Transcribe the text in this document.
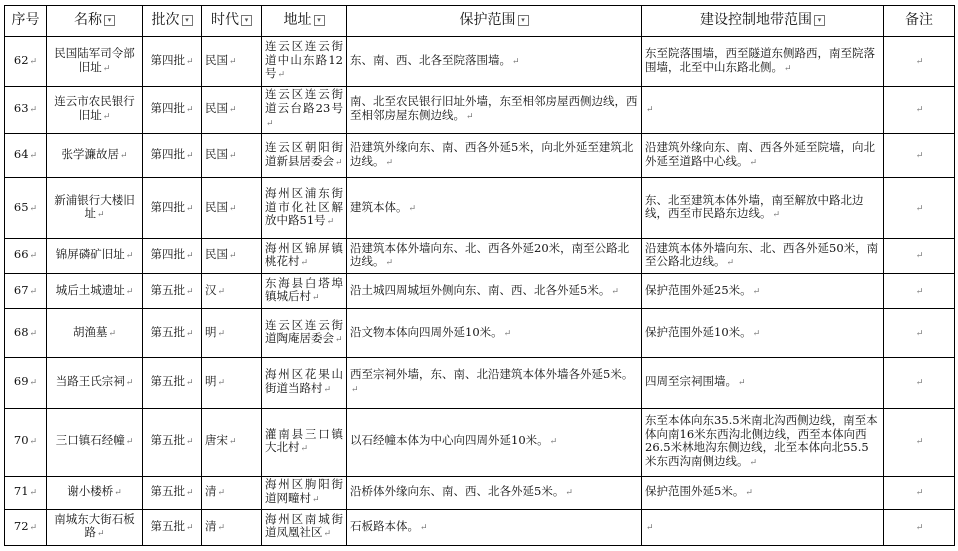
序号	名称 ▾	批次 ▾	时代 ▾	地址 ▾	保护范围 ▾	建设控制地带范围 ▾	备注
62↵	民国陆军司令部旧址↵	第四批↵	民国↵	连云区连云街道中山东路12号↵	东、南、西、北各至院落围墙。↵	东至院落围墙，西至隧道东侧路西，南至院落围墙，北至中山东路北侧。↵	↵
63↵	连云市农民银行旧址↵	第四批↵	民国↵	连云区连云街道云台路23号↵	南、北至农民银行旧址外墙，东至相邻房屋西侧边线，西至相邻房屋东侧边线。↵	↵	↵
64↵	张学濂故居↵	第四批↵	民国↵	连云区朝阳街道新县居委会↵	沿建筑外缘向东、南、西各外延5米，向北外延至建筑北边线。↵	沿建筑外缘向东、南、西各外延至院墙，向北外延至道路中心线。↵	↵
65↵	新浦银行大楼旧址↵	第四批↵	民国↵	海州区浦东街道市化社区解放中路51号↵	建筑本体。↵	东、北至建筑本体外墙，南至解放中路北边线，西至市民路东边线。↵	↵
66↵	锦屏磷矿旧址↵	第四批↵	民国↵	海州区锦屏镇桃花村↵	沿建筑本体外墙向东、北、西各外延20米，南至公路北边线。↵	沿建筑本体外墙向东、北、西各外延50米，南至公路北边线。↵	↵
67↵	城后土城遗址↵	第五批↵	汉↵	东海县白塔埠镇城后村↵	沿土城四周城垣外侧向东、南、西、北各外延5米。↵	保护范围外延25米。↵	↵
68↵	胡渔墓↵	第五批↵	明↵	连云区连云街道陶庵居委会↵	沿文物本体向四周外延10米。↵	保护范围外延10米。↵	↵
69↵	当路王氏宗祠↵	第五批↵	明↵	海州区花果山街道当路村↵	西至宗祠外墙，东、南、北沿建筑本体外墙各外延5米。↵	四周至宗祠围墙。↵	↵
70↵	三口镇石经幢↵	第五批↵	唐宋↵	灌南县三口镇大北村↵	以石经幢本体为中心向四周外延10米。↵	东至本体向东35.5米南北沟西侧边线，南至本体向南16米东西沟北侧边线，西至本体向西26.5米林地沟东侧边线，北至本体向北55.5米东西沟南侧边线。↵	↵
71↵	谢小楼桥↵	第五批↵	清↵	海州区朐阳街道网疃村↵	沿桥体外缘向东、南、西、北各外延5米。↵	保护范围外延5米。↵	↵
72↵	南城东大街石板路↵	第五批↵	清↵	海州区南城街道凤凰社区↵	石板路本体。↵	↵	↵
